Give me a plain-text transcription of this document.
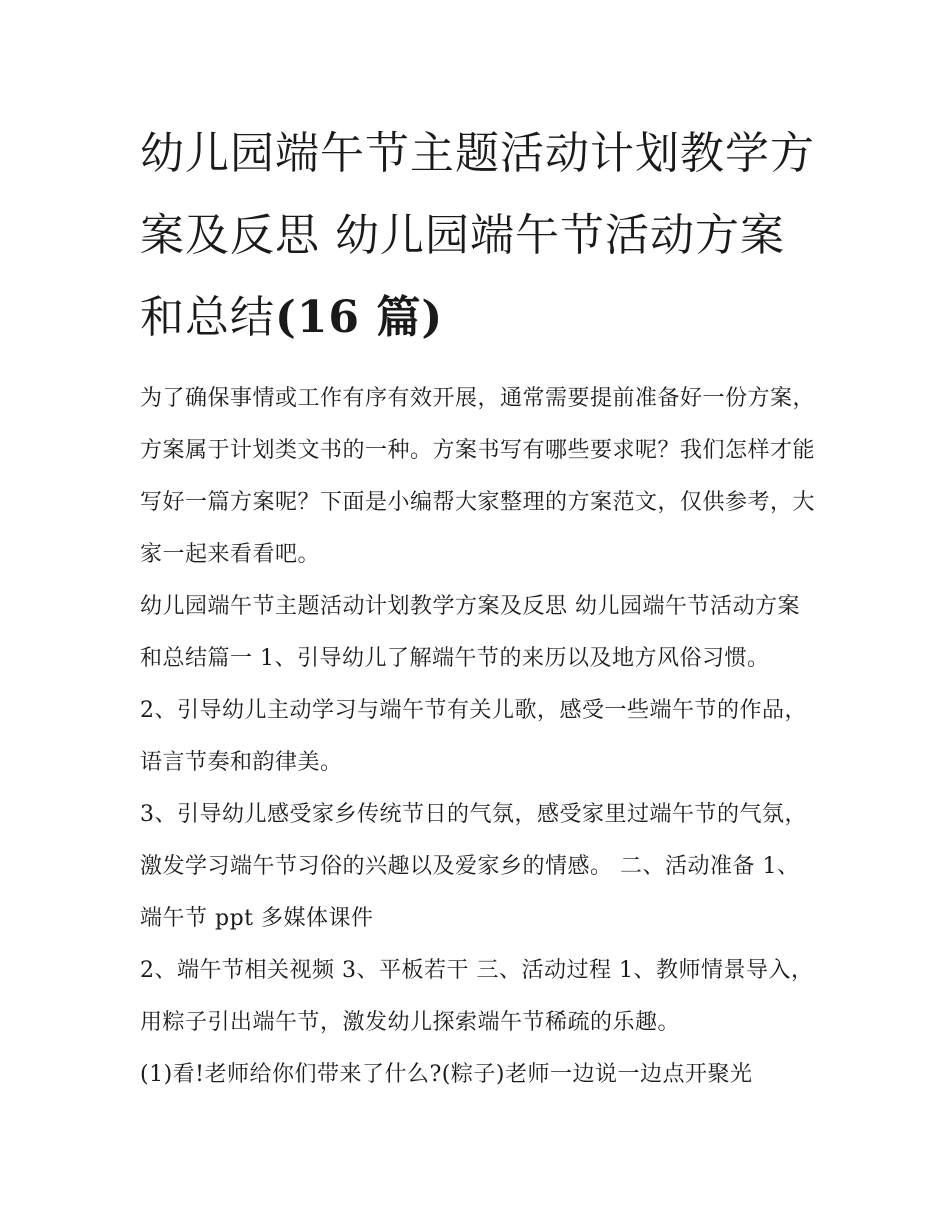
幼儿园端午节主题活动计划教学方案及反思 幼儿园端午节活动方案和总结(16 篇)

为了确保事情或工作有序有效开展，通常需要提前准备好一份方案，方案属于计划类文书的一种。方案书写有哪些要求呢？我们怎样才能写好一篇方案呢？下面是小编帮大家整理的方案范文，仅供参考，大家一起来看看吧。

幼儿园端午节主题活动计划教学方案及反思 幼儿园端午节活动方案和总结篇一 1、引导幼儿了解端午节的来历以及地方风俗习惯。

2、引导幼儿主动学习与端午节有关儿歌，感受一些端午节的作品，语言节奏和韵律美。

3、引导幼儿感受家乡传统节日的气氛，感受家里过端午节的气氛，激发学习端午节习俗的兴趣以及爱家乡的情感。 二、活动准备 1、端午节 ppt 多媒体课件

2、端午节相关视频 3、平板若干 三、活动过程 1、教师情景导入，用粽子引出端午节，激发幼儿探索端午节稀疏的乐趣。

(1)看!老师给你们带来了什么?(粽子)老师一边说一边点开聚光
